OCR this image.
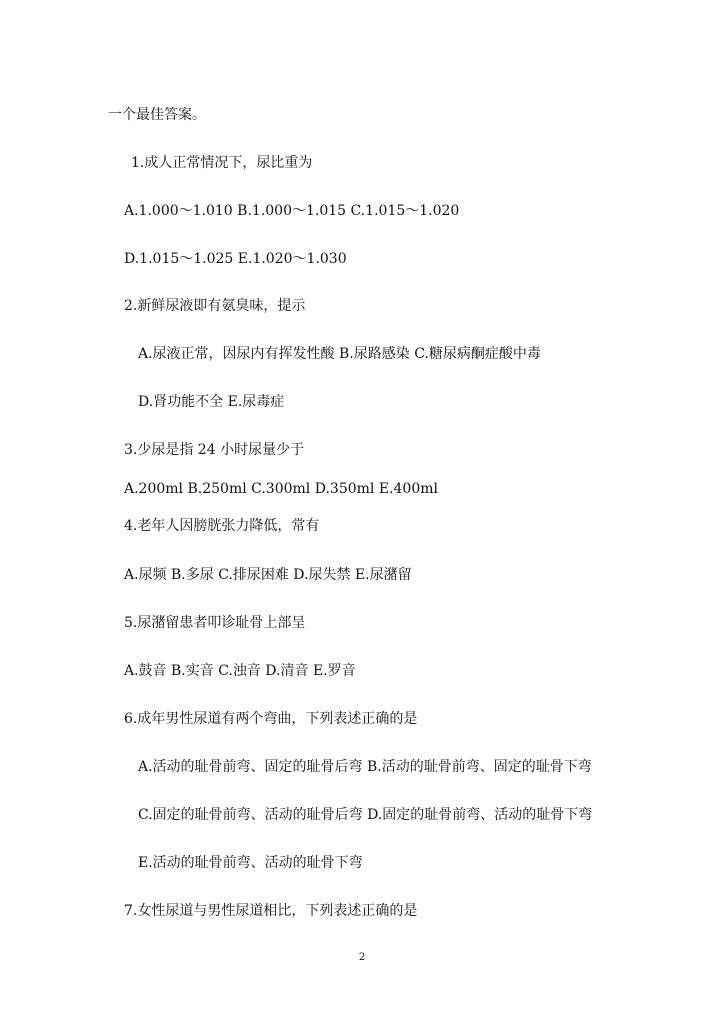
一个最佳答案。
1.成人正常情况下，尿比重为
A.1.000～1.010 B.1.000～1.015 C.1.015～1.020
D.1.015～1.025 E.1.020～1.030
2.新鲜尿液即有氨臭味，提示
A.尿液正常，因尿内有挥发性酸 B.尿路感染 C.糖尿病酮症酸中毒
D.肾功能不全 E.尿毒症
3.少尿是指 24 小时尿量少于
A.200ml B.250ml C.300ml D.350ml E.400ml
4.老年人因膀胱张力降低，常有
A.尿频 B.多尿 C.排尿困难 D.尿失禁 E.尿潴留
5.尿潴留患者叩诊耻骨上部呈
A.鼓音 B.实音 C.浊音 D.清音 E.罗音
6.成年男性尿道有两个弯曲，下列表述正确的是
A.活动的耻骨前弯、固定的耻骨后弯 B.活动的耻骨前弯、固定的耻骨下弯
C.固定的耻骨前弯、活动的耻骨后弯 D.固定的耻骨前弯、活动的耻骨下弯
E.活动的耻骨前弯、活动的耻骨下弯
7.女性尿道与男性尿道相比，下列表述正确的是
2
